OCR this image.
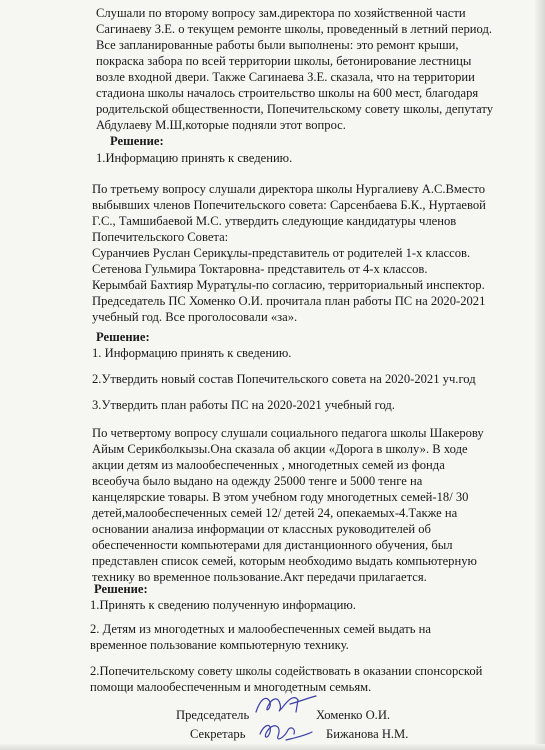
Слушали по второму вопросу зам.директора по хозяйственной части
Сагинаеву З.Е. о текущем ремонте школы, проведенный в летний период.
Все запланированные работы были выполнены: это ремонт крыши,
покраска забора по всей территории школы, бетонирование лестницы
возле входной двери. Также Сагинаева З.Е. сказала, что на территории
стадиона школы началось строительство школы на 600 мест, благодаря
родительской общественности, Попечительскому совету школы, депутату
Абдулаеву М.Ш,которые подняли этот вопрос.
Решение:
1.Информацию принять к сведению.
По третьему вопросу слушали директора школы Нургалиеву А.С.Вместо
выбывших членов Попечительского совета: Сарсенбаева Б.К., Нуртаевой
Г.С., Тамшибаевой М.С. утвердить следующие кандидатуры членов
Попечительского Совета:
Суранчиев Руслан Серикұлы-представитель от родителей 1-х классов.
Сетенова Гульмира Токтаровна- представитель от 4-х классов.
Керымбай Бахтияр Муратұлы-по согласию, территориальный инспектор.
Председатель ПС Хоменко О.И. прочитала план работы ПС на 2020-2021
учебный год. Все проголосовали «за».
Решение:
1. Информацию принять к сведению.
2.Утвердить новый состав Попечительского совета на 2020-2021 уч.год
3.Утвердить план работы ПС на 2020-2021 учебный год.
По четвертому вопросу слушали социального педагога школы Шакерову
Айым Серикболкызы.Она сказала об акции «Дорога в школу». В ходе
акции детям из малообеспеченных , многодетных семей из фонда
всеобуча было выдано на одежду 25000 тенге и 5000 тенге на
канцелярские товары. В этом учебном году многодетных семей-18/ 30
детей,малообеспеченных семей 12/ детей 24, опекаемых-4.Также на
основании анализа информации от классных руководителей об
обеспеченности компьютерами для дистанционного обучения, был
представлен список семей, которым необходимо выдать компьютерную
технику во временное пользование.Акт передачи прилагается.
Решение:
1.Принять к сведению полученную информацию.
2. Детям из многодетных и малообеспеченных семей выдать на
временное пользование компьютерную технику.
2.Попечительскому совету школы содействовать в оказании спонсорской
помощи малообеспеченным и многодетным семьям.
Председатель	Хоменко О.И.
Секретарь	Бижанова Н.М.
